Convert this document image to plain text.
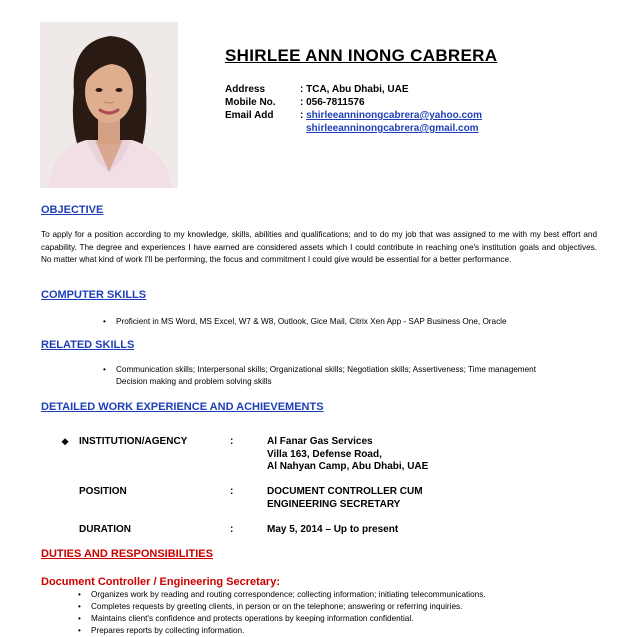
SHIRLEE ANN INONG CABRERA
Address	: TCA, Abu Dhabi, UAE
Mobile No.	: 056-7811576
Email Add	: shirleeanninongcabrera@yahoo.com
shirleeanninongcabrera@gmail.com
OBJECTIVE
To apply for a position according to my knowledge, skills, abilities and qualifications; and to do my job that was assigned to me with my best effort and capability. The degree and experiences I have earned are considered assets which I could contribute in reaching one's institution goals and objectives. No matter what kind of work I'll be performing, the focus and commitment I could give would be essential for a better performance.
COMPUTER SKILLS
• Proficient in MS Word, MS Excel, W7 & W8, Outlook, Gice Mail, Citrix Xen App - SAP Business One, Oracle
RELATED SKILLS
• Communication skills; Interpersonal skills; Organizational skills; Negotiation skills; Assertiveness; Time management
Decision making and problem solving skills
DETAILED WORK EXPERIENCE AND ACHIEVEMENTS
❖ INSTITUTION/AGENCY	:	Al Fanar Gas Services
Villa 163, Defense Road,
Al Nahyan Camp, Abu Dhabi, UAE
POSITION	:	DOCUMENT CONTROLLER CUM
ENGINEERING SECRETARY
DURATION	:	May 5, 2014 – Up to present
DUTIES AND RESPONSIBILITIES
Document Controller / Engineering Secretary:
• Organizes work by reading and routing correspondence; collecting information; initiating telecommunications.
• Completes requests by greeting clients, in person or on the telephone; answering or referring inquiries.
• Maintains client's confidence and protects operations by keeping information confidential.
• Prepares reports by collecting information.
